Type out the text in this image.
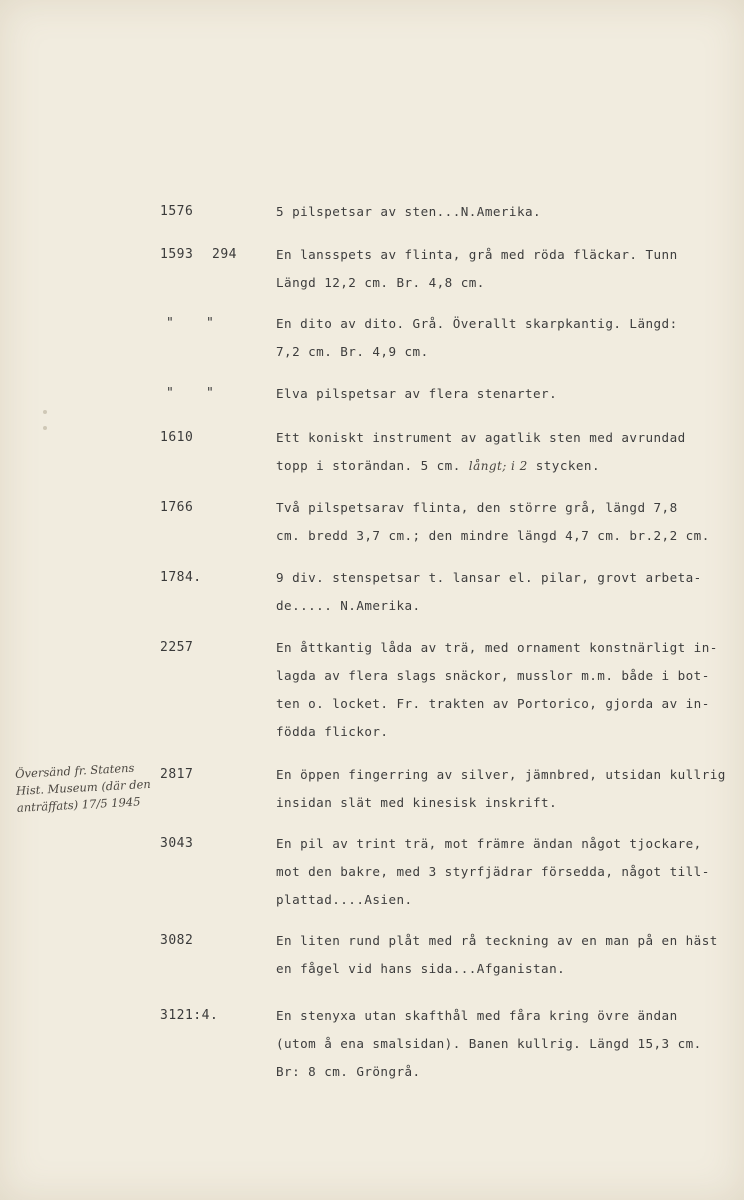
1576	5 pilspetsar av sten...N.Amerika.
1593 294	En lansspets av flinta, grå med röda fläckar. Tunn
Längd 12,2 cm. Br. 4,8 cm.
" "	En dito av dito. Grå. Överallt skarpkantig. Längd:
7,2 cm. Br. 4,9 cm.
" "	Elva pilspetsar av flera stenarter.
1610	Ett koniskt instrument av agatlik sten med avrundad
topp i storändan. 5 cm. långt; i 2 stycken.
1766	Två pilspetsarav flinta, den större grå, längd 7,8
cm. bredd 3,7 cm.; den mindre längd 4,7 cm. br.2,2 cm.
1784.	9 div. stenspetsar t. lansar el. pilar, grovt arbeta-
de..... N.Amerika.
2257	En åttkantig låda av trä, med ornament konstnärligt in-
lagda av flera slags snäckor, musslor m.m. både i bot-
ten o. locket. Fr. trakten av Portorico, gjorda av in-
födda flickor.
2817	En öppen fingerring av silver, jämnbred, utsidan kullrig
insidan slät med kinesisk inskrift.
3043	En pil av trint trä, mot främre ändan något tjockare,
mot den bakre, med 3 styrfjädrar försedda, något till-
plattad....Asien.
3082	En liten rund plåt med rå teckning av en man på en häst
en fågel vid hans sida...Afganistan.
3121:4.	En stenyxa utan skafthål med fåra kring övre ändan
(utom å ena smalsidan). Banen kullrig. Längd 15,3 cm.
Br: 8 cm. Gröngrå.
Översänd fr. Statens
Hist. Museum (där den
anträffats) 17/5 1945
